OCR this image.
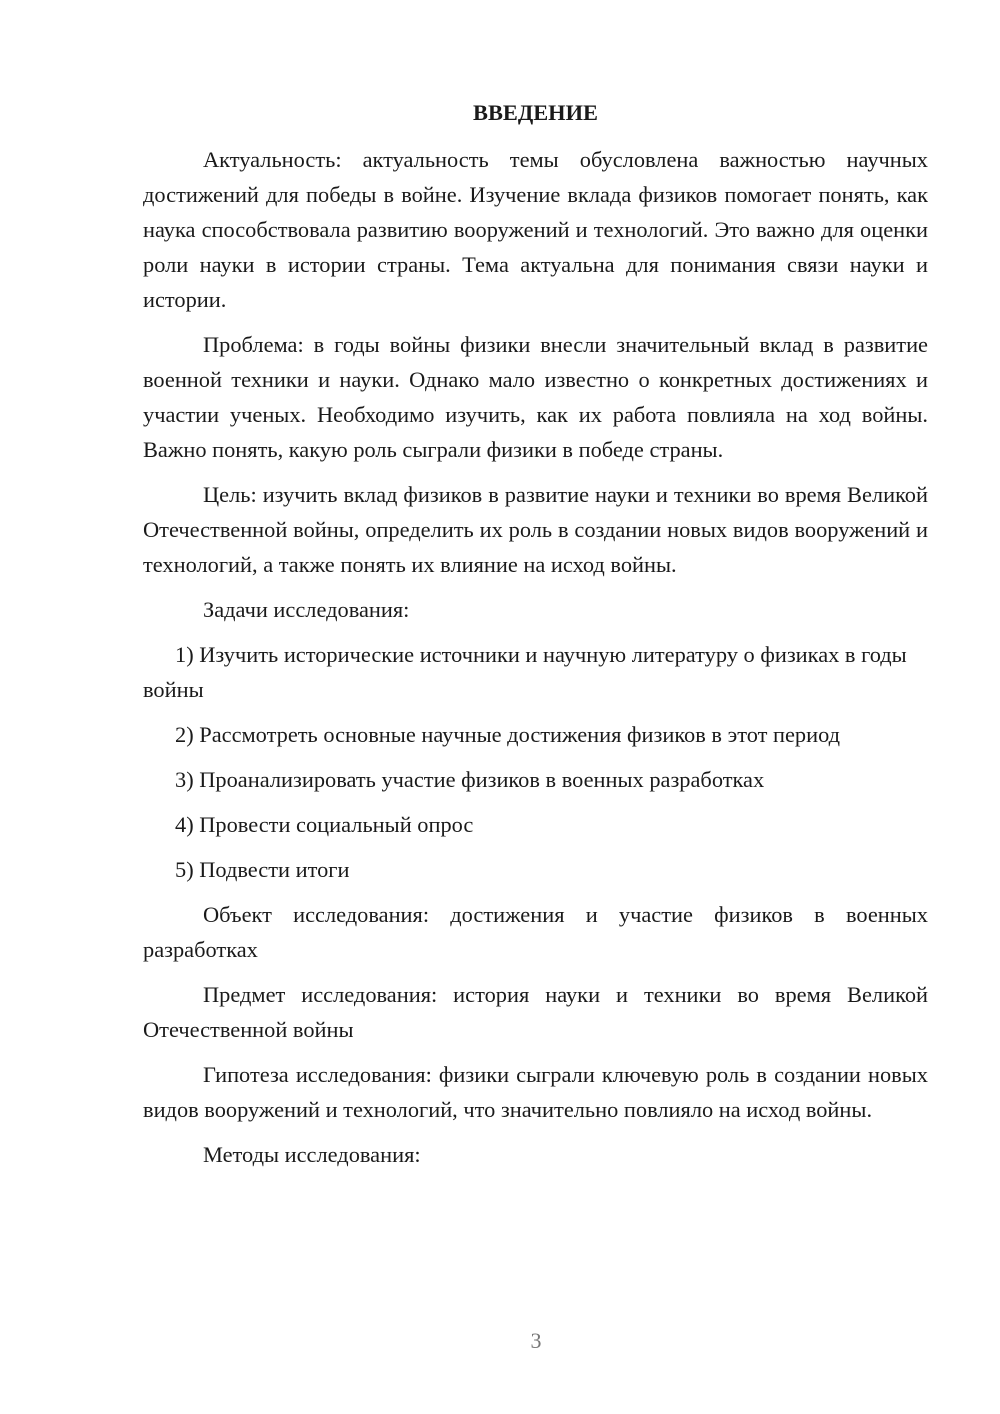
ВВЕДЕНИЕ

Актуальность: актуальность темы обусловлена важностью научных достижений для победы в войне. Изучение вклада физиков помогает понять, как наука способствовала развитию вооружений и технологий. Это важно для оценки роли науки в истории страны. Тема актуальна для понимания связи науки и истории.

Проблема: в годы войны физики внесли значительный вклад в развитие военной техники и науки. Однако мало известно о конкретных достижениях и участии ученых. Необходимо изучить, как их работа повлияла на ход войны. Важно понять, какую роль сыграли физики в победе страны.

Цель: изучить вклад физиков в развитие науки и техники во время Великой Отечественной войны, определить их роль в создании новых видов вооружений и технологий, а также понять их влияние на исход войны.

Задачи исследования:

1) Изучить исторические источники и научную литературу о физиках в годы войны

2) Рассмотреть основные научные достижения физиков в этот период

3) Проанализировать участие физиков в военных разработках

4) Провести социальный опрос

5) Подвести итоги

Объект исследования: достижения и участие физиков в военных разработках

Предмет исследования: история науки и техники во время Великой Отечественной войны

Гипотеза исследования: физики сыграли ключевую роль в создании новых видов вооружений и технологий, что значительно повлияло на исход войны.

Методы исследования:

3
